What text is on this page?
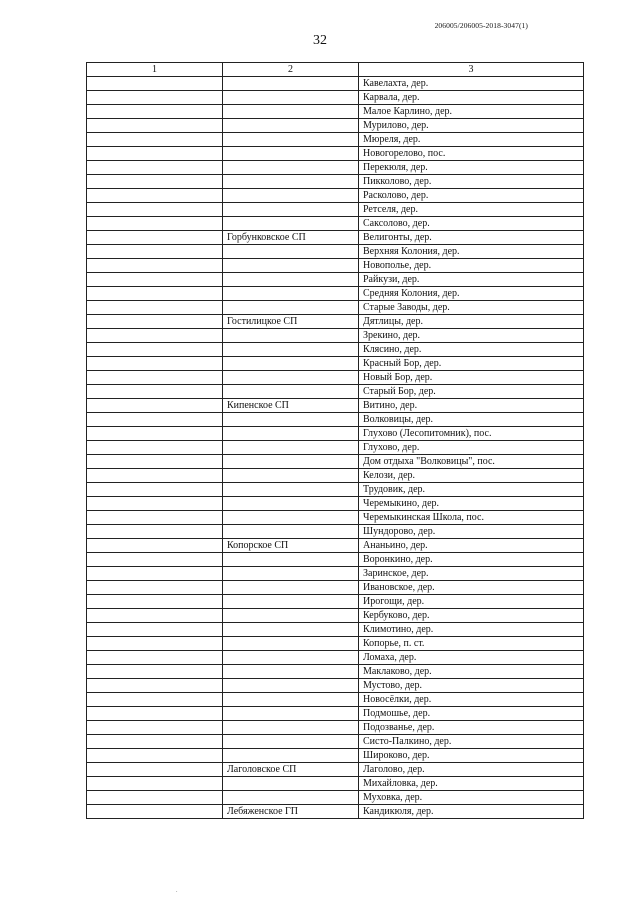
206005/206005-2018-3047(1)
32
1	2	3
		Кавелахта, дер.
		Карвала, дер.
		Малое Карлино, дер.
		Мурилово, дер.
		Мюреля, дер.
		Новогорелово, пос.
		Перекюля, дер.
		Пикколово, дер.
		Расколово, дер.
		Ретселя, дер.
		Саксолово, дер.
	Горбунковское СП	Велигонты, дер.
		Верхняя Колония, дер.
		Новополье, дер.
		Райкузи, дер.
		Средняя Колония, дер.
		Старые Заводы, дер.
	Гостилицкое СП	Дятлицы, дер.
		Зрекино, дер.
		Клясино, дер.
		Красный Бор, дер.
		Новый Бор, дер.
		Старый Бор, дер.
	Кипенское СП	Витино, дер.
		Волковицы, дер.
		Глухово (Лесопитомник), пос.
		Глухово, дер.
		Дом отдыха "Волковицы", пос.
		Келози, дер.
		Трудовик, дер.
		Черемыкино, дер.
		Черемыкинская Школа, пос.
		Шундорово, дер.
	Копорское СП	Ананьино, дер.
		Воронкино, дер.
		Заринское, дер.
		Ивановское, дер.
		Ирогощи, дер.
		Кербуково, дер.
		Климотино, дер.
		Копорье, п. ст.
		Ломаха, дер.
		Маклаково, дер.
		Мустово, дер.
		Новосёлки, дер.
		Подмошье, дер.
		Подозванье, дер.
		Систо-Палкино, дер.
		Широково, дер.
	Лаголовское СП	Лаголово, дер.
		Михайловка, дер.
		Муховка, дер.
	Лебяженское ГП	Кандикюля, дер.
.
